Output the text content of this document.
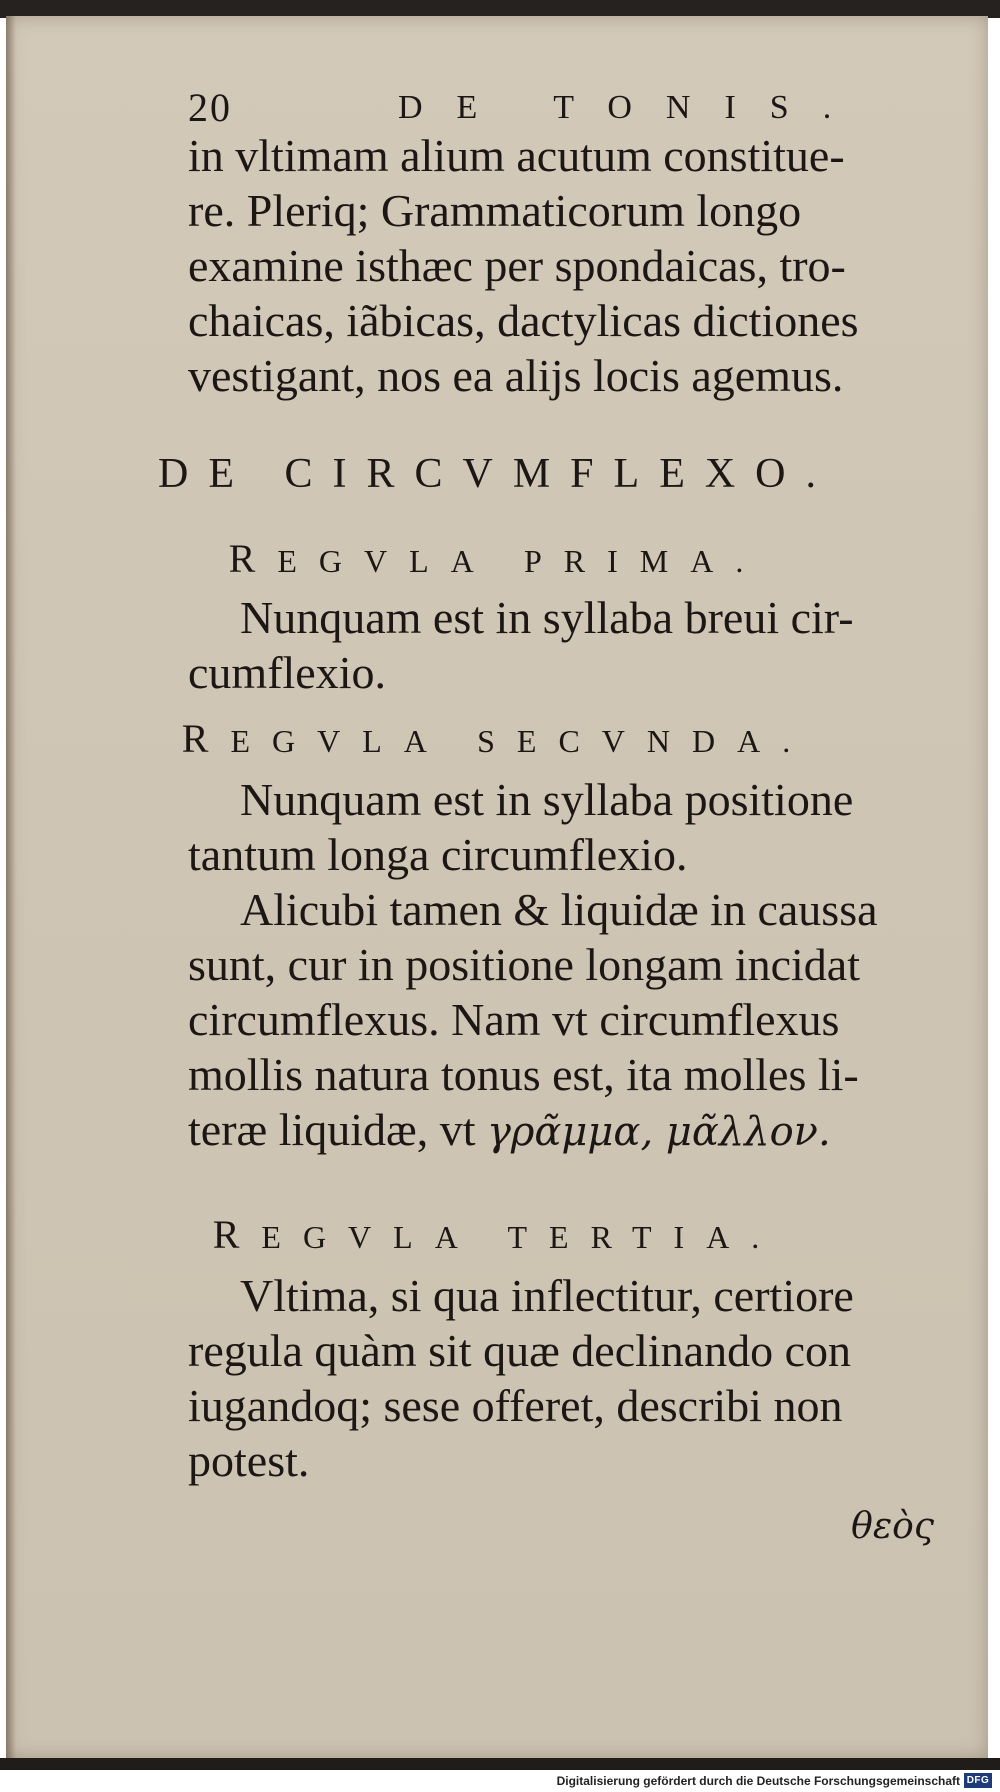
20	DE TONIS.
in vltimam alium acutum constitue-
re. Pleriq; Grammaticorum longo
examine isthæc per spondaicas, tro-
chaicas, iãbicas, dactylicas dictiones
vestigant, nos ea alijs locis agemus.
DE CIRCVMFLEXO.
REGVLA PRIMA.
Nunquam est in syllaba breui cir-
cumflexio.
REGVLA SECVNDA.
Nunquam est in syllaba positione
tantum longa circumflexio.
Alicubi tamen & liquidæ in caussa
sunt, cur in positione longam incidat
circumflexus. Nam vt circumflexus
mollis natura tonus est, ita molles li-
teræ liquidæ, vt γρᾶμμα, μᾶλλον.
REGVLA TERTIA.
Vltima, si qua inflectitur, certiore
regula quàm sit quæ declinando con
iugandoq; sese offeret, describi non
potest.
θεὸς
Digitalisierung gefördert durch die Deutsche Forschungsgemeinschaft DFG
